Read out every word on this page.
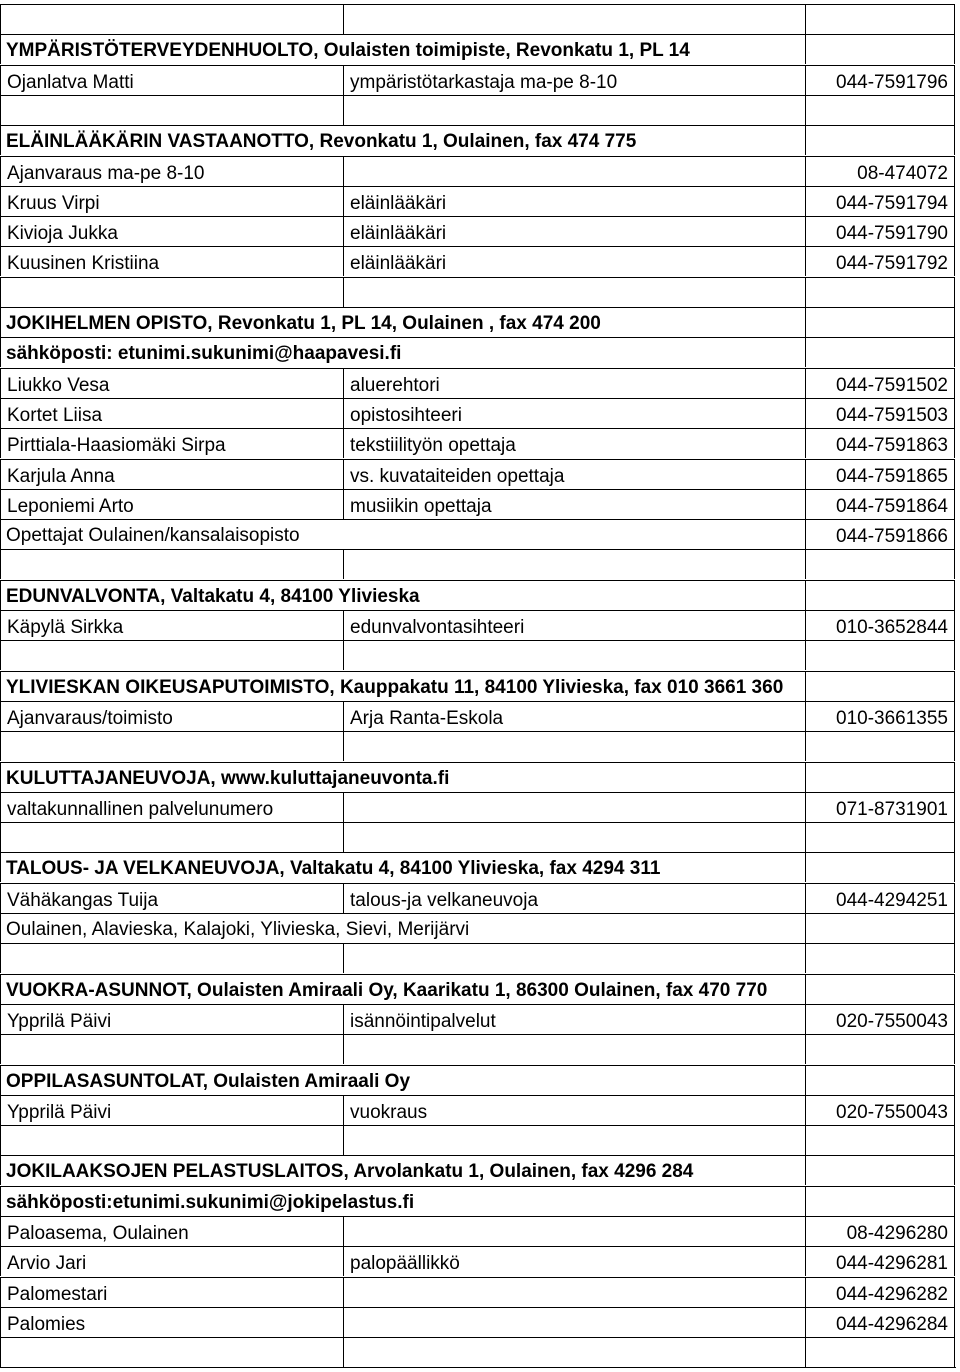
YMPÄRISTÖTERVEYDENHUOLTO, Oulaisten toimipiste, Revonkatu 1, PL 14
Ojanlatva Matti	ympäristötarkastaja ma-pe 8-10	044-7591796
ELÄINLÄÄKÄRIN VASTAANOTTO, Revonkatu 1, Oulainen, fax 474 775
Ajanvaraus ma-pe 8-10	08-474072
Kruus Virpi	eläinlääkäri	044-7591794
Kivioja Jukka	eläinlääkäri	044-7591790
Kuusinen Kristiina	eläinlääkäri	044-7591792
JOKIHELMEN OPISTO, Revonkatu 1, PL 14, Oulainen , fax 474 200
sähköposti: etunimi.sukunimi@haapavesi.fi
Liukko Vesa	aluerehtori	044-7591502
Kortet Liisa	opistosihteeri	044-7591503
Pirttiala-Haasiomäki Sirpa	tekstiilityön opettaja	044-7591863
Karjula Anna	vs. kuvataiteiden opettaja	044-7591865
Leponiemi Arto	musiikin opettaja	044-7591864
Opettajat Oulainen/kansalaisopisto	044-7591866
EDUNVALVONTA, Valtakatu 4, 84100 Ylivieska
Käpylä Sirkka	edunvalvontasihteeri	010-3652844
YLIVIESKAN OIKEUSAPUTOIMISTO, Kauppakatu 11, 84100 Ylivieska, fax 010 3661 360
Ajanvaraus/toimisto	Arja Ranta-Eskola	010-3661355
KULUTTAJANEUVOJA, www.kuluttajaneuvonta.fi
valtakunnallinen palvelunumero	071-8731901
TALOUS- JA VELKANEUVOJA, Valtakatu 4, 84100 Ylivieska, fax 4294 311
Vähäkangas Tuija	talous-ja velkaneuvoja	044-4294251
Oulainen, Alavieska, Kalajoki, Ylivieska, Sievi, Merijärvi
VUOKRA-ASUNNOT, Oulaisten Amiraali Oy, Kaarikatu 1, 86300 Oulainen, fax 470 770
Ypprilä Päivi	isännöintipalvelut	020-7550043
OPPILASASUNTOLAT, Oulaisten Amiraali Oy
Ypprilä Päivi	vuokraus	020-7550043
JOKILAAKSOJEN PELASTUSLAITOS, Arvolankatu 1, Oulainen, fax 4296 284
sähköposti:etunimi.sukunimi@jokipelastus.fi
Paloasema, Oulainen	08-4296280
Arvio Jari	palopäällikkö	044-4296281
Palomestari	044-4296282
Palomies	044-4296284
